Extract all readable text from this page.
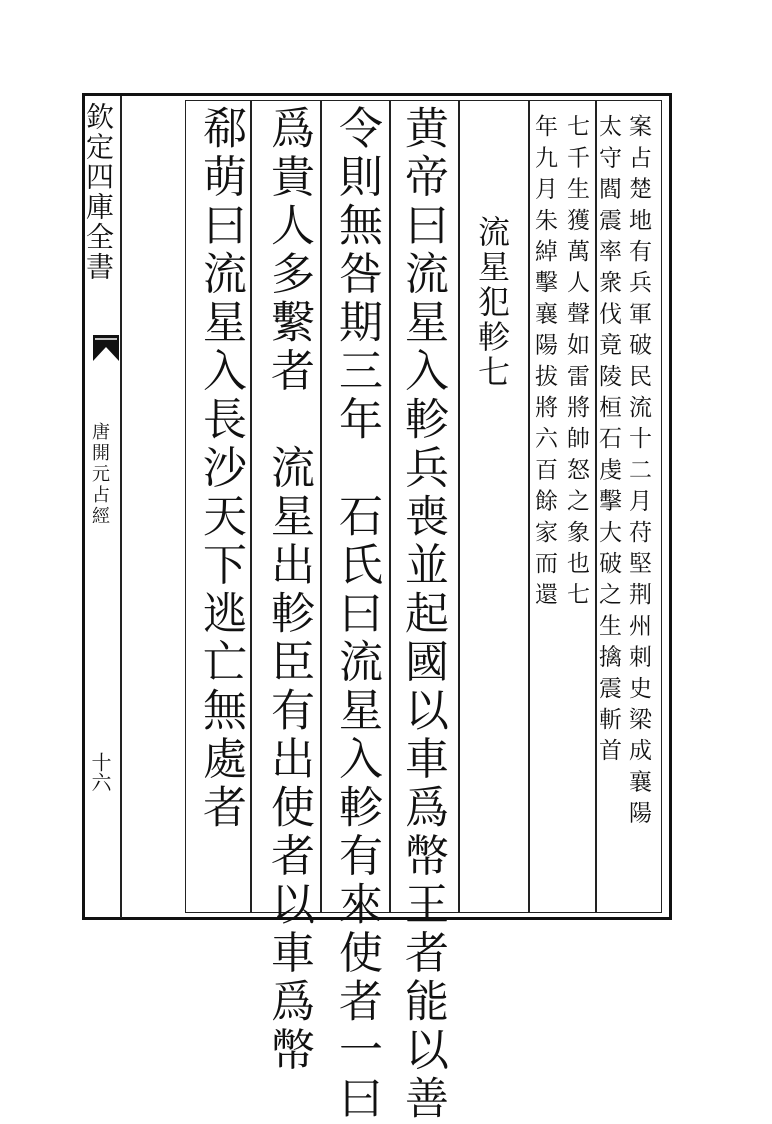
欽定四庫全書
唐開元占經
十六	案占楚地有兵軍破民流十二月苻堅荆州刺史梁成襄陽
太守閻震率衆伐竟陵桓石虔擊大破之生擒震斬首
七千生獲萬人聲如雷將帥怒之象也七
年九月朱綽擊襄陽拔將六百餘家而還
流星犯軫七
黄帝曰流星入軫兵喪並起國以車爲幣王者能以善
令則無咎期三年　石氏曰流星入軫有來使者一曰
爲貴人多繫者　流星出軫臣有出使者以車爲幣
郗萌曰流星入長沙天下逃亡無處者
